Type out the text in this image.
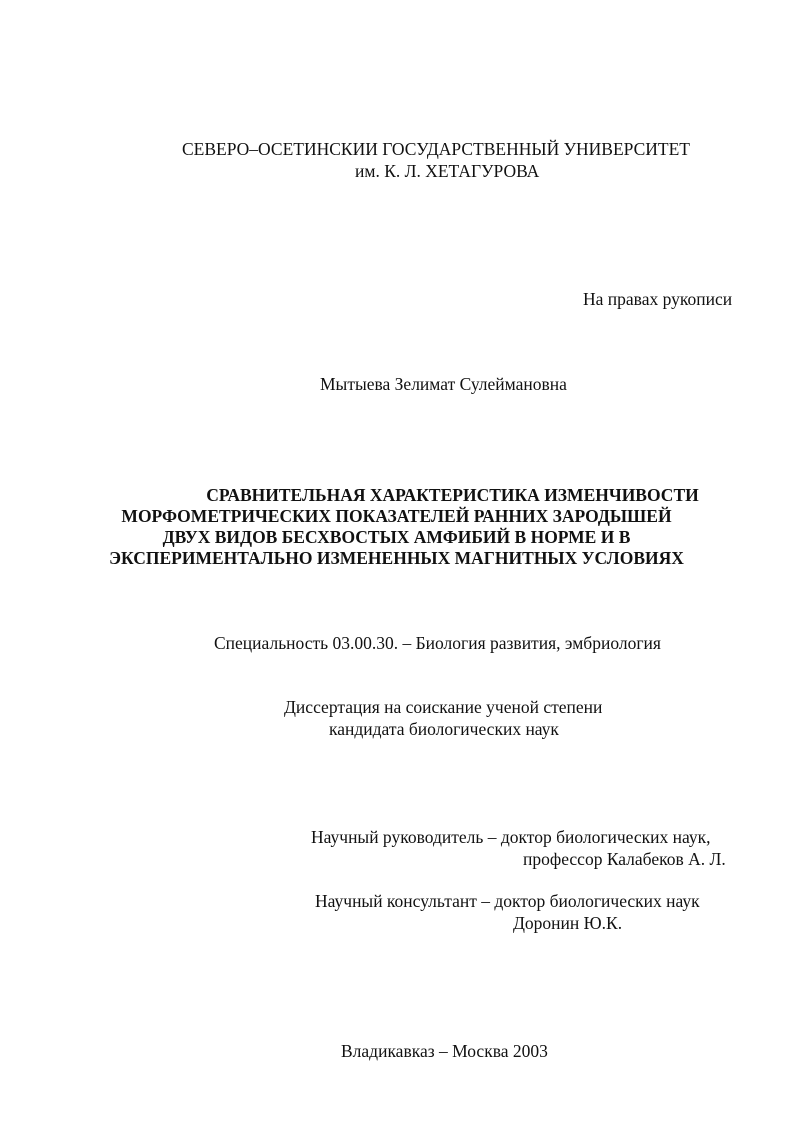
СЕВЕРО–ОСЕТИНСКИИ ГОСУДАРСТВЕННЫЙ УНИВЕРСИТЕТ
им. К. Л. ХЕТАГУРОВА
На правах рукописи
Мытыева Зелимат Сулеймановна
СРАВНИТЕЛЬНАЯ ХАРАКТЕРИСТИКА ИЗМЕНЧИВОСТИ
МОРФОМЕТРИЧЕСКИХ ПОКАЗАТЕЛЕЙ РАННИХ ЗАРОДЫШЕЙ
ДВУХ ВИДОВ БЕСХВОСТЫХ АМФИБИЙ В НОРМЕ И В
ЭКСПЕРИМЕНТАЛЬНО ИЗМЕНЕННЫХ МАГНИТНЫХ УСЛОВИЯХ
Специальность 03.00.30. – Биология развития, эмбриология
Диссертация на соискание ученой степени
кандидата биологических наук
Научный руководитель – доктор биологических наук,
профессор Калабеков А. Л.
Научный консультант – доктор биологических наук
Доронин Ю.К.
Владикавказ – Москва 2003
